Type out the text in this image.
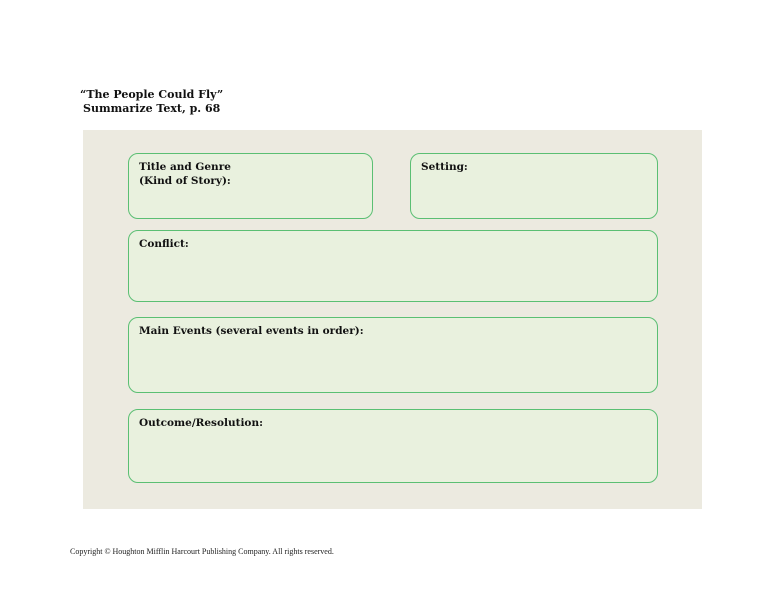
“The People Could Fly”
Summarize Text, p. 68
Title and Genre
(Kind of Story):
Setting:
Conflict:
Main Events (several events in order):
Outcome/Resolution:
Copyright © Houghton Mifflin Harcourt Publishing Company. All rights reserved.
